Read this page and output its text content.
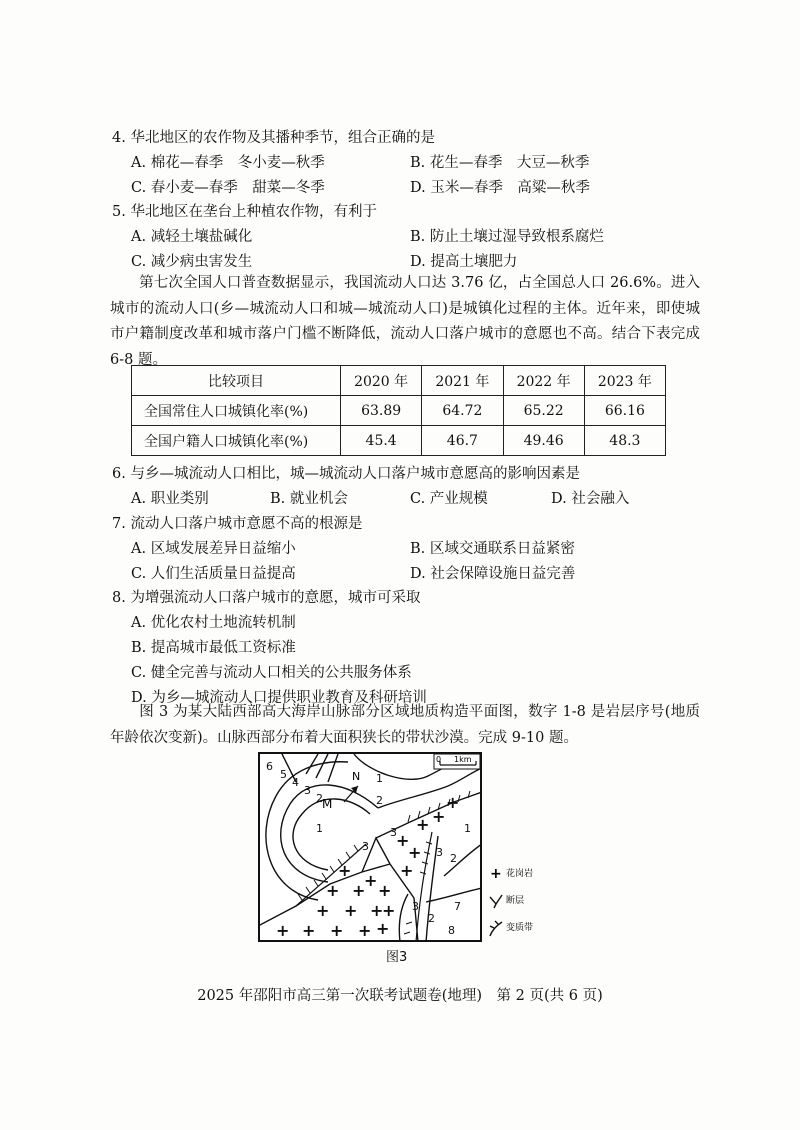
4. 华北地区的农作物及其播种季节，组合正确的是
A. 棉花—春季　冬小麦—秋季	B. 花生—春季　大豆—秋季
C. 春小麦—春季　甜菜—冬季	D. 玉米—春季　高粱—秋季
5. 华北地区在垄台上种植农作物，有利于
A. 减轻土壤盐碱化	B. 防止土壤过湿导致根系腐烂
C. 减少病虫害发生	D. 提高土壤肥力
第七次全国人口普查数据显示，我国流动人口达 3.76 亿，占全国总人口 26.6%。进入城市的流动人口(乡—城流动人口和城—城流动人口)是城镇化过程的主体。近年来，即使城市户籍制度改革和城市落户门槛不断降低，流动人口落户城市的意愿也不高。结合下表完成 6-8 题。
比较项目	2020 年	2021 年	2022 年	2023 年
全国常住人口城镇化率(%)	63.89	64.72	65.22	66.16
全国户籍人口城镇化率(%)	45.4	46.7	49.46	48.3
6. 与乡—城流动人口相比，城—城流动人口落户城市意愿高的影响因素是
A. 职业类别	B. 就业机会	C. 产业规模	D. 社会融入
7. 流动人口落户城市意愿不高的根源是
A. 区域发展差异日益缩小	B. 区域交通联系日益紧密
C. 人们生活质量日益提高	D. 社会保障设施日益完善
8. 为增强流动人口落户城市的意愿，城市可采取
A. 优化农村土地流转机制
B. 提高城市最低工资标准
C. 健全完善与流动人口相关的公共服务体系
D. 为乡—城流动人口提供职业教育及科研培训
图 3 为某大陆西部高大海岸山脉部分区域地质构造平面图，数字 1-8 是岩层序号(地质年龄依次变新)。山脉西部分布着大面积狭长的带状沙漠。完成 9-10 题。
+ + + +
+ + +
+ + +
+
+
+
+
+
+
+
+
+
+
6
5
4
3
2
1
1
2
3
3	3 2
1
3
2
7
8
M
N
0 1km
+ 花岗岩
断层
变质带
图3
2025 年邵阳市高三第一次联考试题卷(地理)　第 2 页(共 6 页)
